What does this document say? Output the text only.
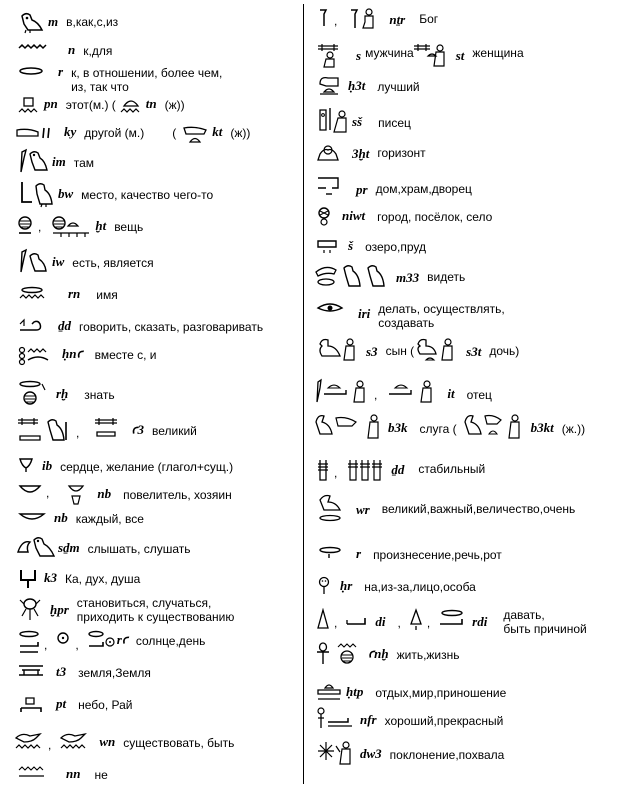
m в,как,с,из
n к,для
r к, в отношении, более чем,
из, так что
pn этот(м.) ( tn (ж))
ky другой (м.) (	kt (ж))
im там
bw место, качество чего-то
,	ḫt вещь
iw есть, является
rn имя
ḏd говорить, сказать, разговаривать
ḥnꜥ вместе с, и
rḫ знать
,	ꜥ3 великий
ib сердце, желание (глагол+сущ.)
,	nb повелитель, хозяин
nb каждый, все
sḏm слышать, слушать
k3 Ка, дух, душа
ḫpr становиться, случаться,
приходить к существованию
, ,	rꜥ солнце,день
t3 земля,Земля
pt небо, Рай
,	wn существовать, быть
nn не
,	nṯr Бог
s мужчина	st женщина
ḥ3t лучший
sš писец
3ḫt горизонт
pr дом,храм,дворец
niwt город, посёлок, село
š озеро,пруд
m33 видеть
iri делать, осуществлять,
создавать
s3 сын (	s3t дочь)
,	it отец
b3k слуга (	b3kt (ж.))
,	ḏd стабильный
wr великий,важный,величество,очень
r произнесение,речь,рот
ḥr на,из-за,лицо,особа
,	di , ,	rdi давать,
быть причиной
ꜥnḫ жить,жизнь
ḥtp отдых,мир,приношение
nfr хороший,прекрасный
dw3 поклонение,похвала
